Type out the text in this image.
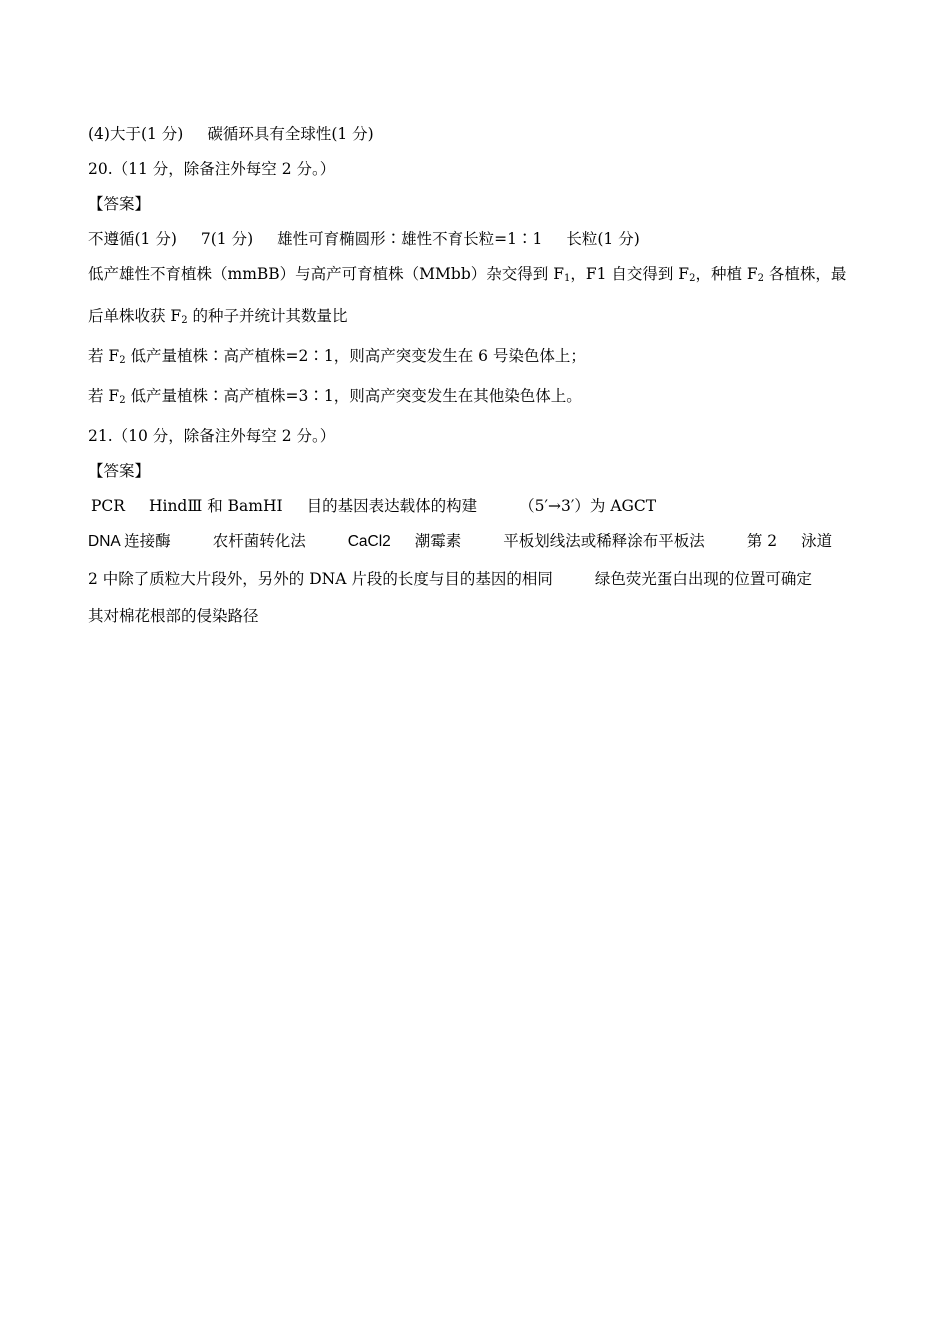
(4)大于(1 分) 碳循环具有全球性(1 分)

20.（11 分，除备注外每空 2 分。）

【答案】

不遵循(1 分) 7(1 分) 雄性可育椭圆形∶雄性不育长粒=1∶1 长粒(1 分)

低产雄性不育植株（mmBB）与高产可育植株（MMbb）杂交得到 $F_1$，F1 自交得到 $F_2$，种植 $F_2$ 各植株，最

后单株收获 $F_2$ 的种子并统计其数量比

若 $F_2$ 低产量植株∶高产植株=2∶1，则高产突变发生在 6 号染色体上；

若 $F_2$ 低产量植株∶高产植株=3∶1，则高产突变发生在其他染色体上。

21.（10 分，除备注外每空 2 分。）

【答案】

PCR HindⅢ 和 BamHⅠ 目的基因表达载体的构建	（5′→3′）为 AGCT

DNA 连接酶	农杆菌转化法	CaCl2 潮霉素	平板划线法或稀释涂布平板法	第 2 泳道

2 中除了质粒大片段外，另外的 DNA 片段的长度与目的基因的相同	绿色荧光蛋白出现的位置可确定

其对棉花根部的侵染路径
